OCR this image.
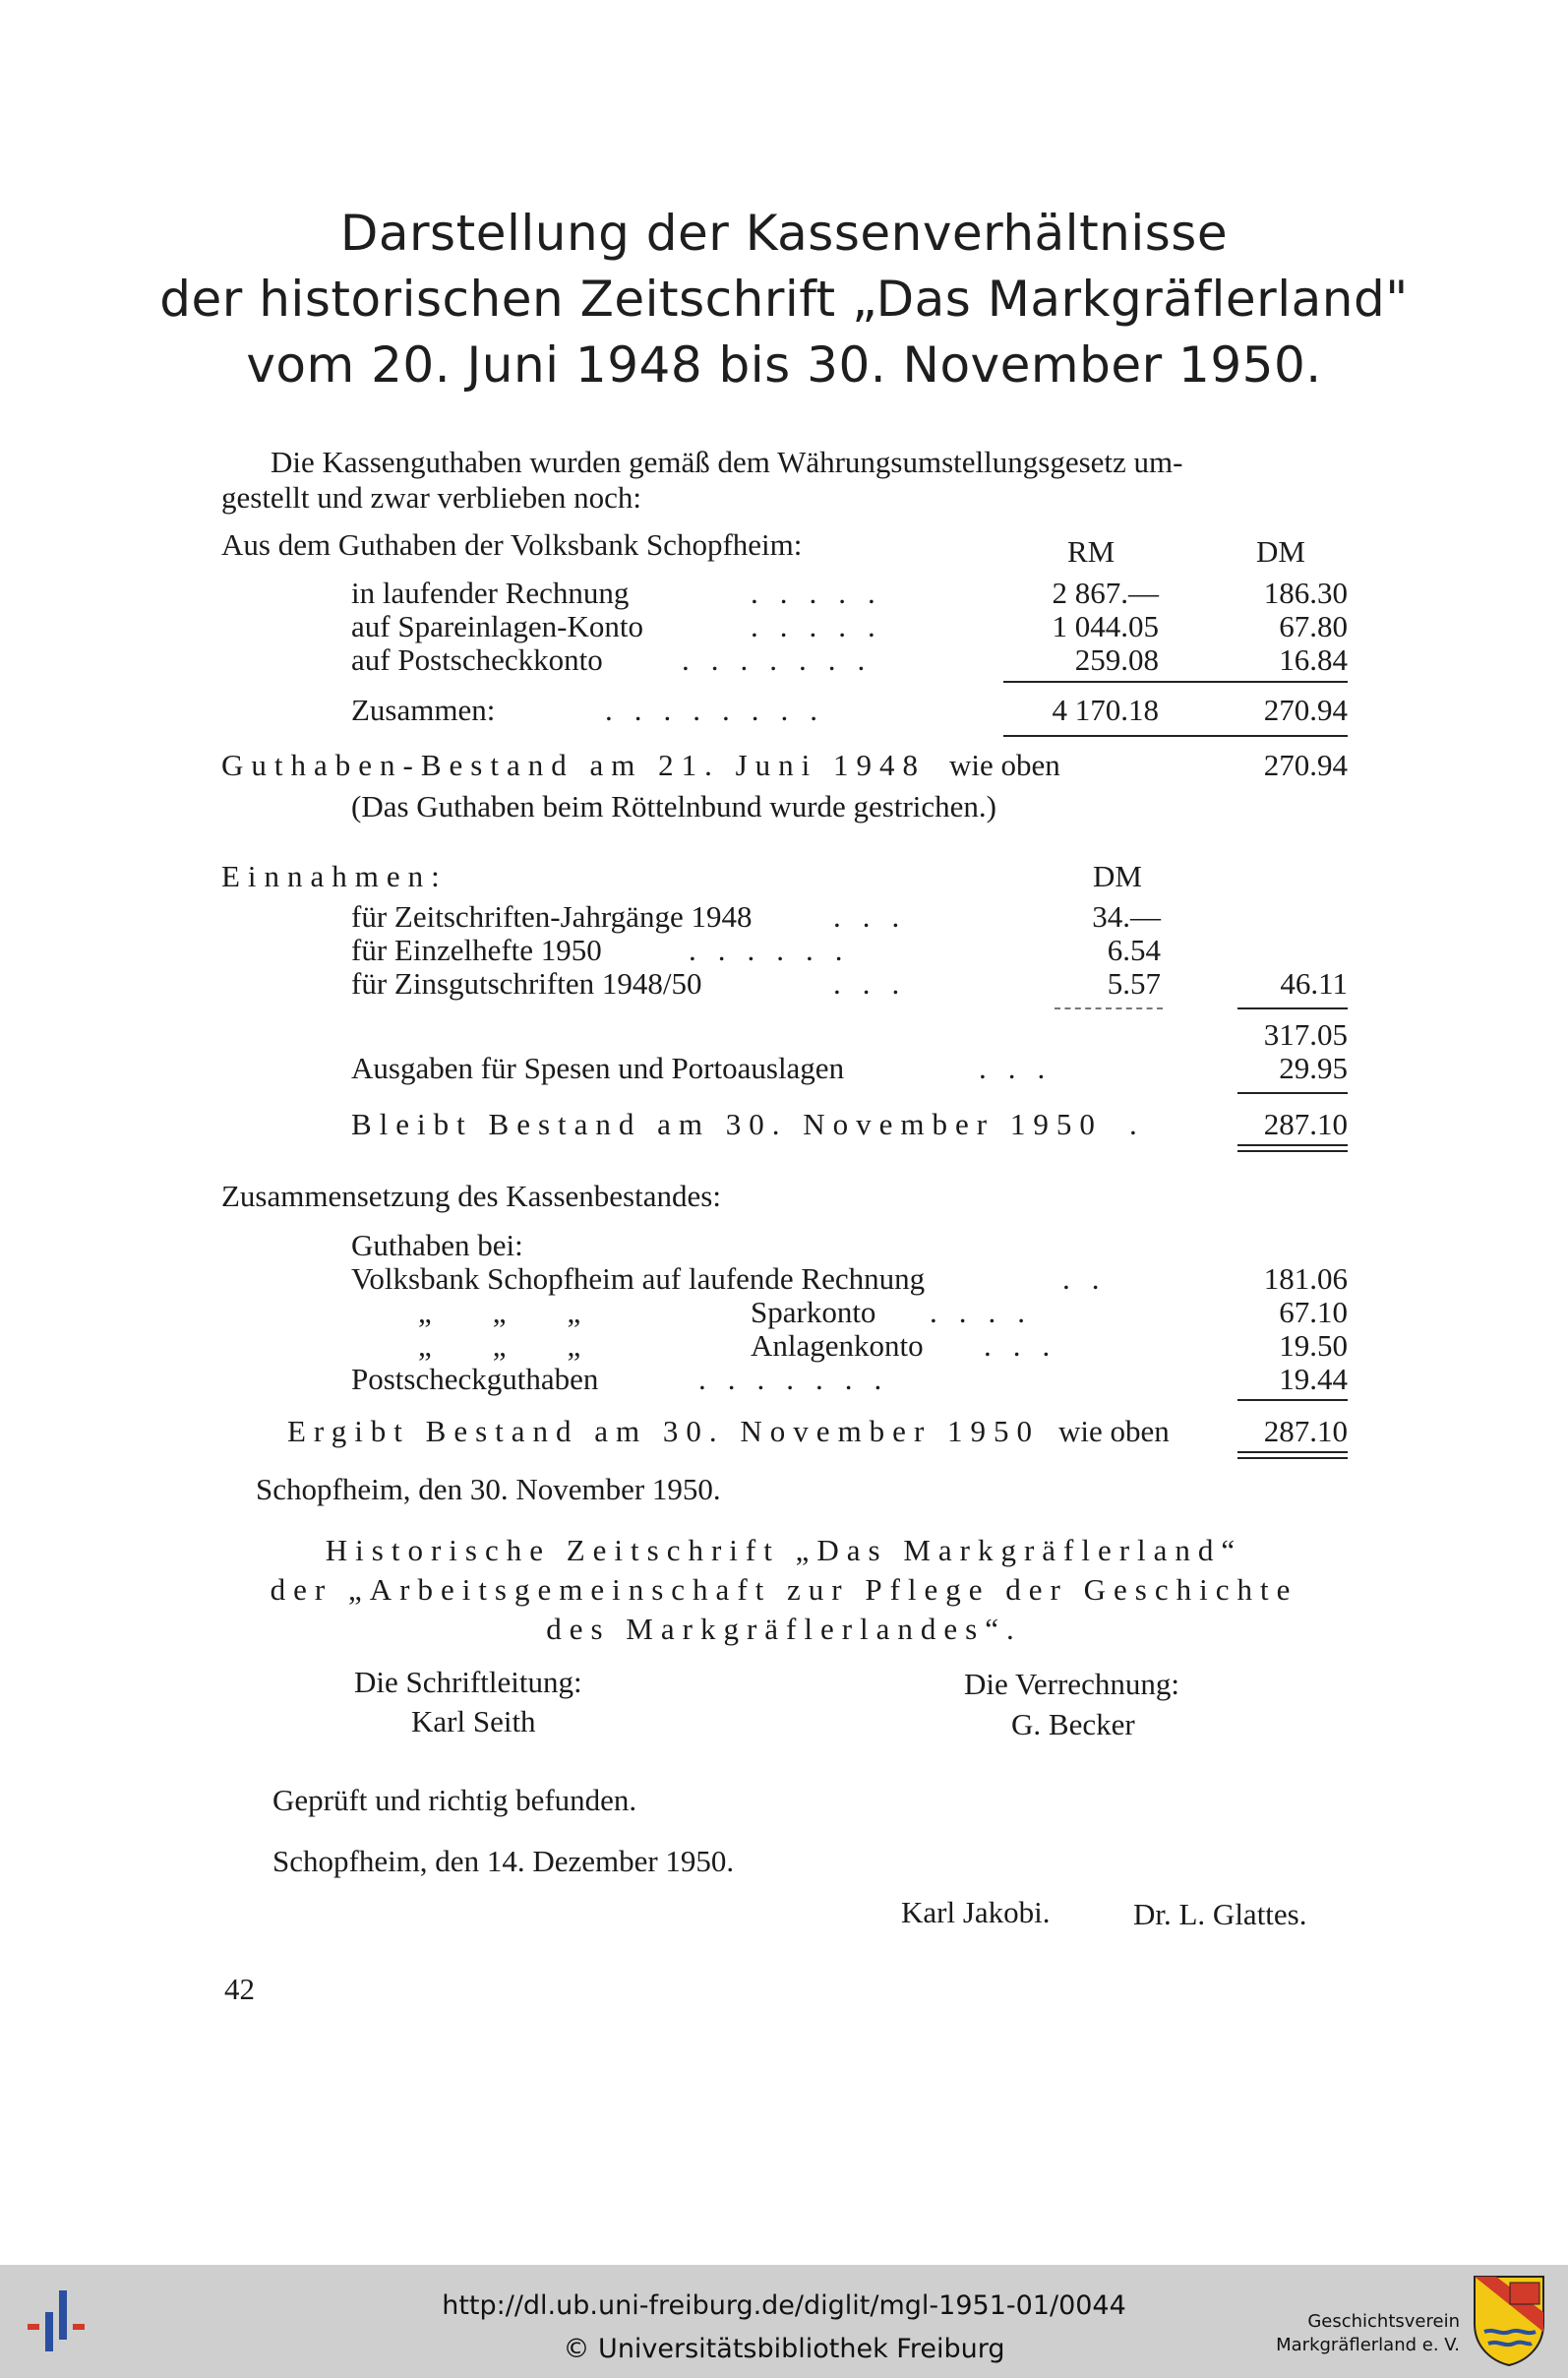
Darstellung der Kassenverhältnisse
der historischen Zeitschrift „Das Markgräflerland"
vom 20. Juni 1948 bis 30. November 1950.
Die Kassenguthaben wurden gemäß dem Währungsumstellungsgesetz um-
gestellt und zwar verblieben noch:
Aus dem Guthaben der Volksbank Schopfheim:	RM	DM
in laufender Rechnung	.....	2 867.—	186.30
auf Spareinlagen-Konto	.....	1 044.05	67.80
auf Postscheckkonto	.......	259.08	16.84
Zusammen:	........	4 170.18	270.94
Guthaben-Bestand am 21. Juni 1948 wie oben	270.94
(Das Guthaben beim Röttelnbund wurde gestrichen.)
Einnahmen:	DM
für Zeitschriften-Jahrgänge 1948	...	34.—
für Einzelhefte 1950	......	6.54
für Zinsgutschriften 1948/50	...	5.57	46.11
317.05
Ausgaben für Spesen und Portoauslagen	...	29.95
Bleibt Bestand am 30. November 1950 .	287.10
Zusammensetzung des Kassenbestandes:
Guthaben bei:
Volksbank Schopfheim auf laufende Rechnung	..	181.06
„        „        „	Sparkonto ....	67.10
„        „        „	Anlagenkonto ...	19.50
Postscheckguthaben	.......	19.44
Ergibt Bestand am 30. November 1950 wie oben	287.10
Schopfheim, den 30. November 1950.
Historische Zeitschrift „Das Markgräflerland“
der „Arbeitsgemeinschaft zur Pflege der Geschichte
des Markgräflerlandes“.
Die Schriftleitung:
Karl Seith
Die Verrechnung:
G. Becker
Geprüft und richtig befunden.
Schopfheim, den 14. Dezember 1950.
Karl Jakobi.	Dr. L. Glattes.
42
http://dl.ub.uni-freiburg.de/diglit/mgl-1951-01/0044
© Universitätsbibliothek Freiburg
Geschichtsverein
Markgräflerland e. V.
